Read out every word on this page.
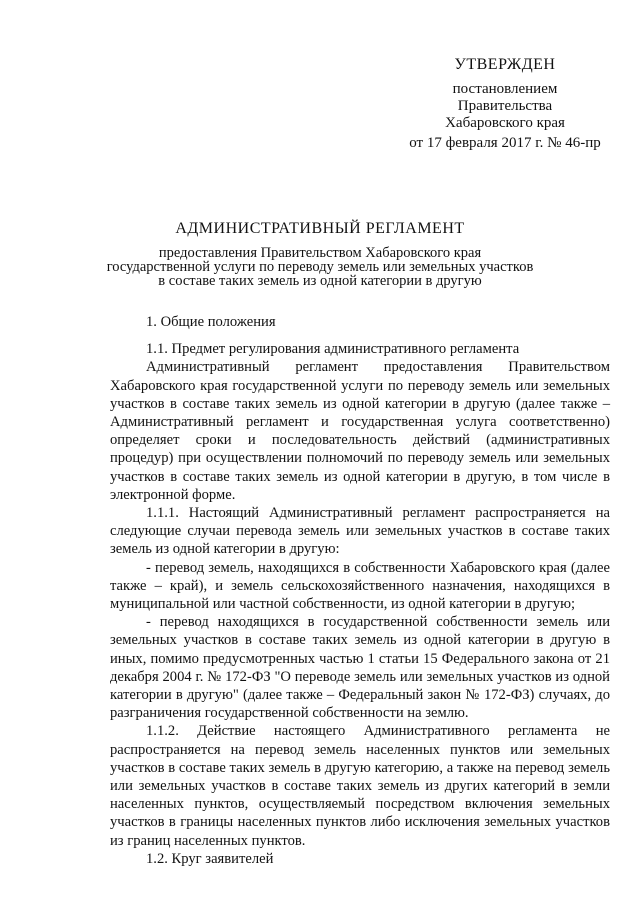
УТВЕРЖДЕН
постановлением
Правительства
Хабаровского края
от 17 февраля 2017 г. № 46-пр
АДМИНИСТРАТИВНЫЙ РЕГЛАМЕНТ
предоставления Правительством Хабаровского края
государственной услуги по переводу земель или земельных участков
в составе таких земель из одной категории в другую

1. Общие положения

1.1. Предмет регулирования административного регламента

Административный регламент предоставления Правительством Хабаровского края государственной услуги по переводу земель или земельных участков в составе таких земель из одной категории в другую (далее также – Административный регламент и государственная услуга соответственно) определяет сроки и последовательность действий (административных процедур) при осуществлении полномочий по переводу земель или земельных участков в составе таких земель из одной категории в другую, в том числе в электронной форме.

1.1.1. Настоящий Административный регламент распространяется на следующие случаи перевода земель или земельных участков в составе таких земель из одной категории в другую:

- перевод земель, находящихся в собственности Хабаровского края (далее также – край), и земель сельскохозяйственного назначения, находящихся в муниципальной или частной собственности, из одной категории в другую;

- перевод находящихся в государственной собственности земель или земельных участков в составе таких земель из одной категории в другую в иных, помимо предусмотренных частью 1 статьи 15 Федерального закона от 21 декабря 2004 г. № 172-ФЗ "О переводе земель или земельных участков из одной категории в другую" (далее также – Федеральный закон № 172-ФЗ) случаях, до разграничения государственной собственности на землю.

1.1.2. Действие настоящего Административного регламента не распространяется на перевод земель населенных пунктов или земельных участков в составе таких земель в другую категорию, а также на перевод земель или земельных участков в составе таких земель из других категорий в земли населенных пунктов, осуществляемый посредством включения земельных участков в границы населенных пунктов либо исключения земельных участков из границ населенных пунктов.

1.2. Круг заявителей
